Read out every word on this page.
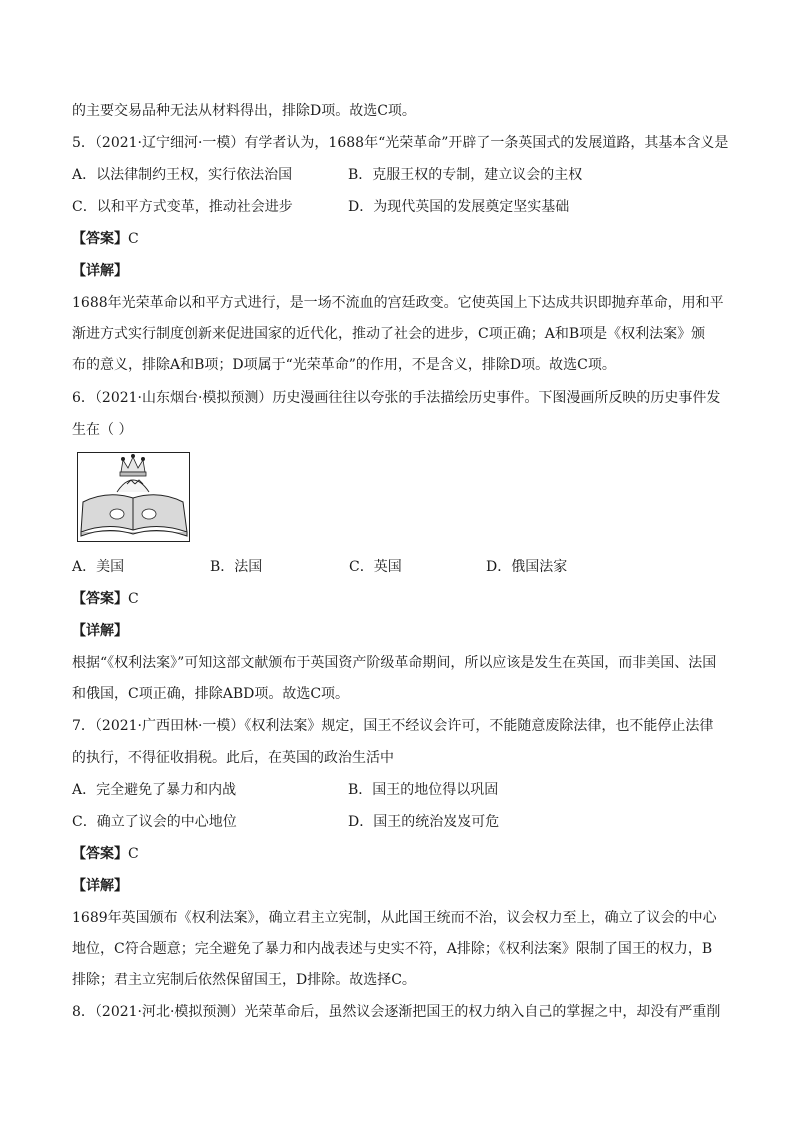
的主要交易品种无法从材料得出，排除D项。故选C项。
5．（2021·辽宁细河·一模）有学者认为，1688年“光荣革命”开辟了一条英国式的发展道路，其基本含义是
A．以法律制约王权，实行依法治国	B．克服王权的专制，建立议会的主权
C．以和平方式变革，推动社会进步	D．为现代英国的发展奠定坚实基础
【答案】C
【详解】
1688年光荣革命以和平方式进行，是一场不流血的宫廷政变。它使英国上下达成共识即抛弃革命，用和平
渐进方式实行制度创新来促进国家的近代化，推动了社会的进步，C项正确；A和B项是《权利法案》颁
布的意义，排除A和B项；D项属于“光荣革命”的作用，不是含义，排除D项。故选C项。
6．（2021·山东烟台·模拟预测）历史漫画往往以夸张的手法描绘历史事件。下图漫画所反映的历史事件发
生在（ ）
A．美国	B．法国	C．英国	D．俄国法家
【答案】C
【详解】
根据“《权利法案》”可知这部文献颁布于英国资产阶级革命期间，所以应该是发生在英国，而非美国、法国
和俄国，C项正确，排除ABD项。故选C项。
7．（2021·广西田林·一模）《权利法案》规定，国王不经议会许可，不能随意废除法律，也不能停止法律
的执行，不得征收捐税。此后，在英国的政治生活中
A．完全避免了暴力和内战	B．国王的地位得以巩固
C．确立了议会的中心地位	D．国王的统治岌岌可危
【答案】C
【详解】
1689年英国颁布《权利法案》，确立君主立宪制，从此国王统而不治，议会权力至上，确立了议会的中心
地位，C符合题意；完全避免了暴力和内战表述与史实不符，A排除；《权利法案》限制了国王的权力，B
排除；君主立宪制后依然保留国王，D排除。故选择C。
8．（2021·河北·模拟预测）光荣革命后，虽然议会逐渐把国王的权力纳入自己的掌握之中，却没有严重削
